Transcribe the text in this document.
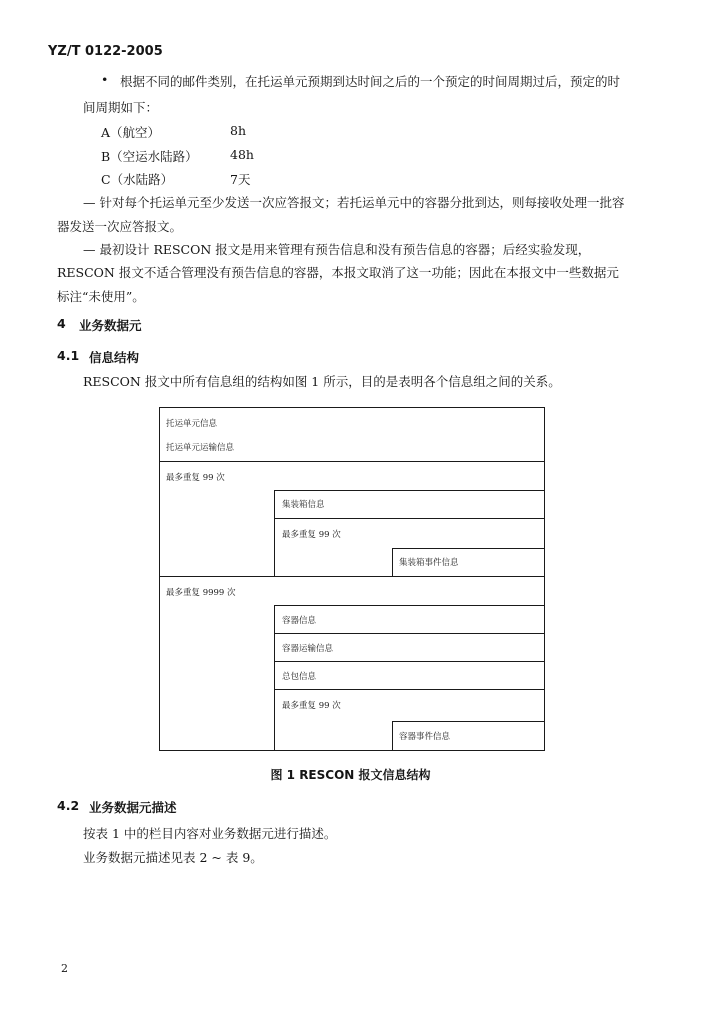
YZ/T 0122-2005
• 根据不同的邮件类别，在托运单元预期到达时间之后的一个预定的时间周期过后，预定的时
间周期如下：
A（航空）	8h
B（空运水陆路）	48h
C（水陆路）	7天
— 针对每个托运单元至少发送一次应答报文；若托运单元中的容器分批到达，则每接收处理一批容
器发送一次应答报文。
— 最初设计 RESCON 报文是用来管理有预告信息和没有预告信息的容器；后经实验发现，
RESCON 报文不适合管理没有预告信息的容器，本报文取消了这一功能；因此在本报文中一些数据元
标注“未使用”。
4 业务数据元
4.1 信息结构
RESCON 报文中所有信息组的结构如图 1 所示，目的是表明各个信息组之间的关系。
托运单元信息
托运单元运输信息
最多重复 99 次
集装箱信息
最多重复 99 次
集装箱事件信息
最多重复 9999 次
容器信息
容器运输信息
总包信息
最多重复 99 次
容器事件信息
图 1 RESCON 报文信息结构
4.2 业务数据元描述
按表 1 中的栏目内容对业务数据元进行描述。
业务数据元描述见表 2 ~ 表 9。
2
